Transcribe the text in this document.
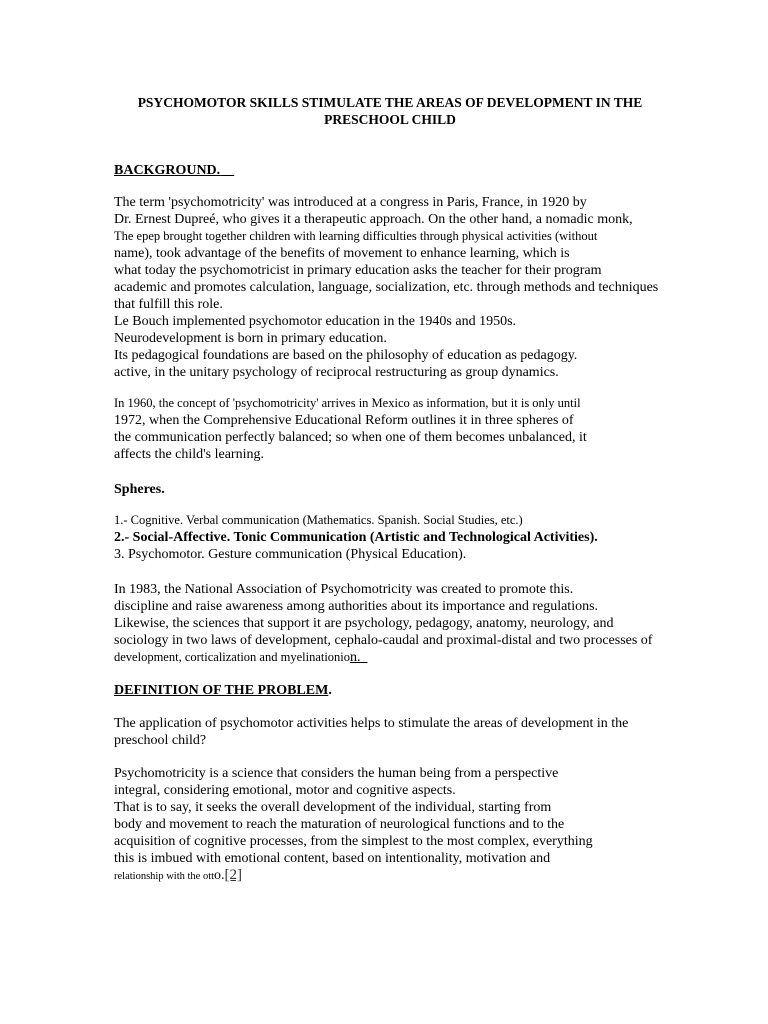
PSYCHOMOTOR SKILLS STIMULATE THE AREAS OF DEVELOPMENT IN THE
PRESCHOOL CHILD
BACKGROUND.
The term 'psychomotricity' was introduced at a congress in Paris, France, in 1920 by
Dr. Ernest Dupreé, who gives it a therapeutic approach. On the other hand, a nomadic monk,
The epep brought together children with learning difficulties through physical activities (without
name), took advantage of the benefits of movement to enhance learning, which is
what today the psychomotricist in primary education asks the teacher for their program
academic and promotes calculation, language, socialization, etc. through methods and techniques
that fulfill this role.
Le Bouch implemented psychomotor education in the 1940s and 1950s.
Neurodevelopment is born in primary education.
Its pedagogical foundations are based on the philosophy of education as pedagogy.
active, in the unitary psychology of reciprocal restructuring as group dynamics.
In 1960, the concept of 'psychomotricity' arrives in Mexico as information, but it is only until
1972, when the Comprehensive Educational Reform outlines it in three spheres of
the communication perfectly balanced; so when one of them becomes unbalanced, it
affects the child's learning.
Spheres.
1.- Cognitive. Verbal communication (Mathematics. Spanish. Social Studies, etc.)
2.- Social-Affective. Tonic Communication (Artistic and Technological Activities).
3. Psychomotor. Gesture communication (Physical Education).
In 1983, the National Association of Psychomotricity was created to promote this.
discipline and raise awareness among authorities about its importance and regulations.
Likewise, the sciences that support it are psychology, pedagogy, anatomy, neurology, and
sociology in two laws of development, cephalo-caudal and proximal-distal and two processes of
development, corticalization and myelinationion.
DEFINITION OF THE PROBLEM.
The application of psychomotor activities helps to stimulate the areas of development in the
preschool child?
Psychomotricity is a science that considers the human being from a perspective
integral, considering emotional, motor and cognitive aspects.
That is to say, it seeks the overall development of the individual, starting from
body and movement to reach the maturation of neurological functions and to the
acquisition of cognitive processes, from the simplest to the most complex, everything
this is imbued with emotional content, based on intentionality, motivation and
relationship with the otto.[2]
